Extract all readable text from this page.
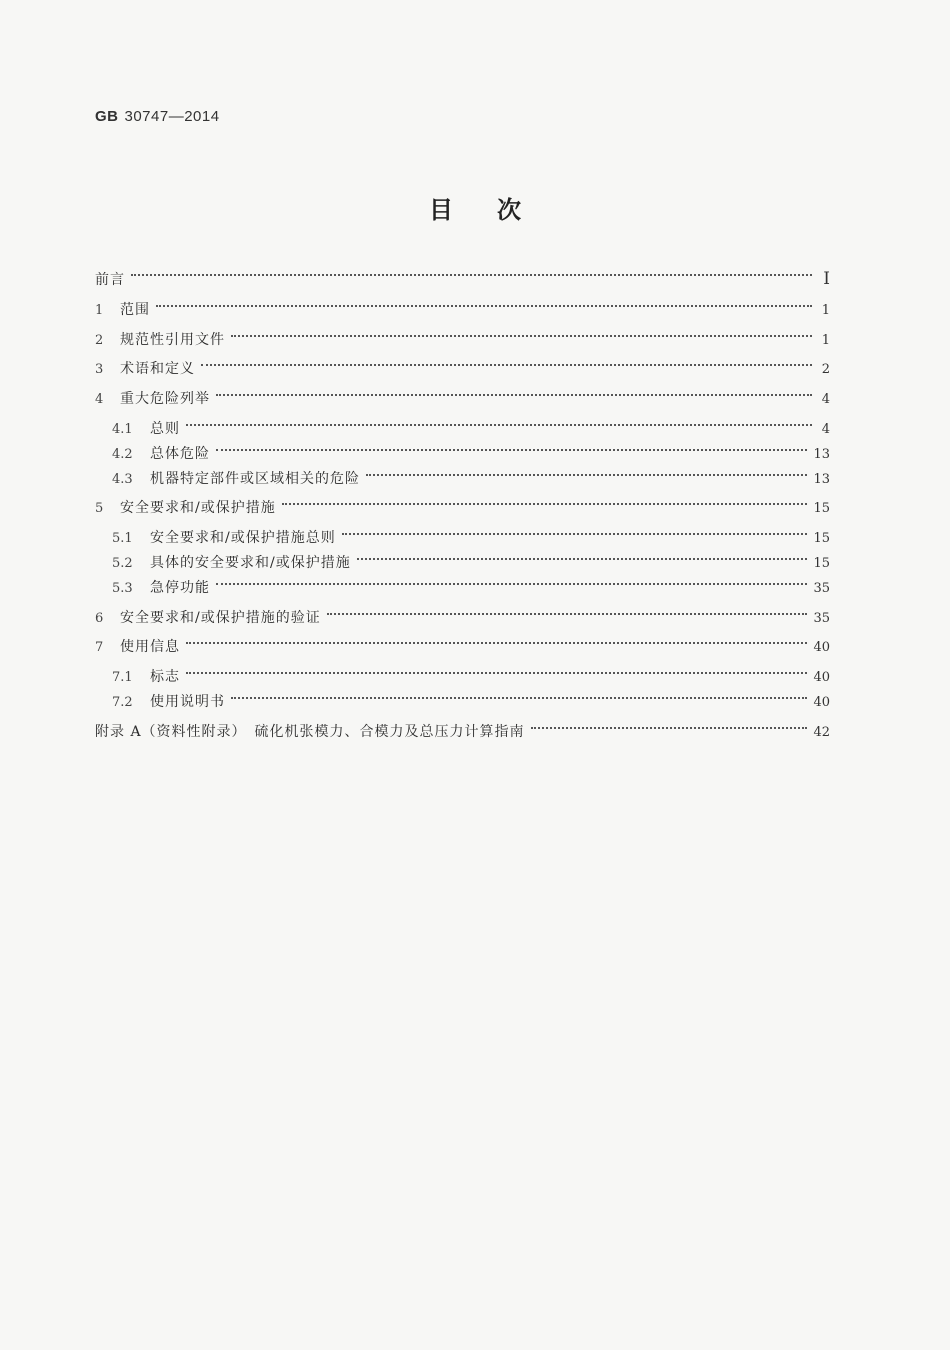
GB 30747—2014
目 次
前言	I
1	范围	1
2	规范性引用文件	1
3	术语和定义	2
4	重大危险列举	4
4.1	总则	4
4.2	总体危险	13
4.3	机器特定部件或区域相关的危险	13
5	安全要求和/或保护措施	15
5.1	安全要求和/或保护措施总则	15
5.2	具体的安全要求和/或保护措施	15
5.3	急停功能	35
6	安全要求和/或保护措施的验证	35
7	使用信息	40
7.1	标志	40
7.2	使用说明书	40
附录 A（资料性附录）　硫化机张模力、合模力及总压力计算指南	42
